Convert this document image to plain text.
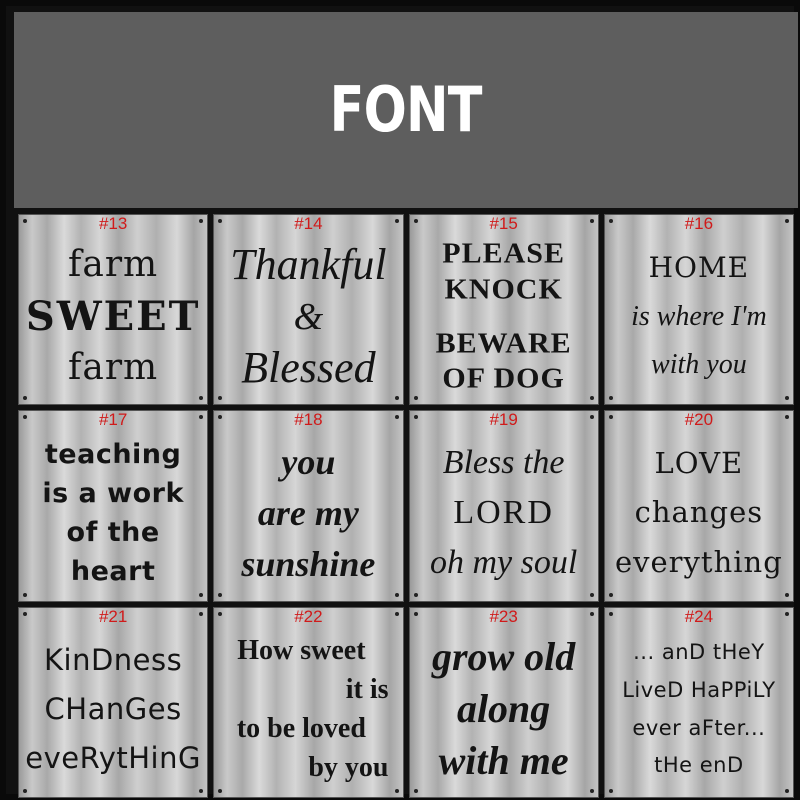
FONT
#13
farm
SWEET
farm
#14
Thankful
&
Blessed
#15
PLEASE
KNOCK
BEWARE
OF DOG
#16
HOME
is where I'm
with you
#17
teaching
is a work
of the
heart
#18
you
are my
sunshine
#19
Bless the
LORD
oh my soul
#20
LOVE
changes
everything
#21
KinDness
CHanGes
eveRytHinG
#22
How sweet
it is
to be loved
by you
#23
grow old
along
with me
#24
... anD tHeY
LiveD HaPPiLY
ever aFter...
tHe enD
